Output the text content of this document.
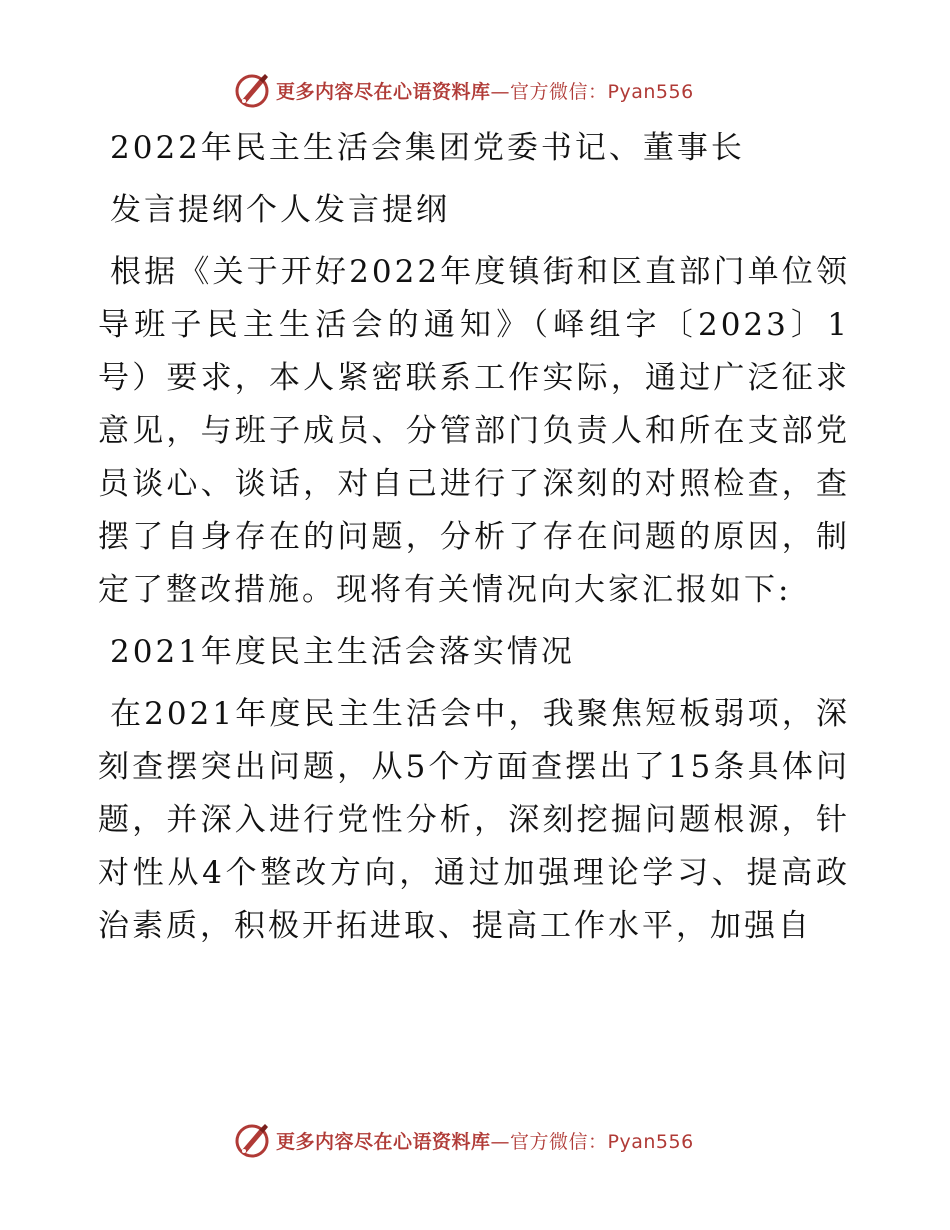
更多内容尽在心语资料库—官方微信：Pyan556

2022年民主生活会集团党委书记、董事长

发言提纲个人发言提纲

根据《关于开好2022年度镇街和区直部门单位领导班子民主生活会的通知》（峄组字〔2023〕1号）要求，本人紧密联系工作实际，通过广泛征求意见，与班子成员、分管部门负责人和所在支部党员谈心、谈话，对自己进行了深刻的对照检查，查摆了自身存在的问题，分析了存在问题的原因，制定了整改措施。现将有关情况向大家汇报如下:

2021年度民主生活会落实情况

在2021年度民主生活会中，我聚焦短板弱项，深刻查摆突出问题，从5个方面查摆出了15条具体问题，并深入进行党性分析，深刻挖掘问题根源，针对性从4个整改方向，通过加强理论学习、提高政治素质，积极开拓进取、提高工作水平，加强自

更多内容尽在心语资料库—官方微信：Pyan556
